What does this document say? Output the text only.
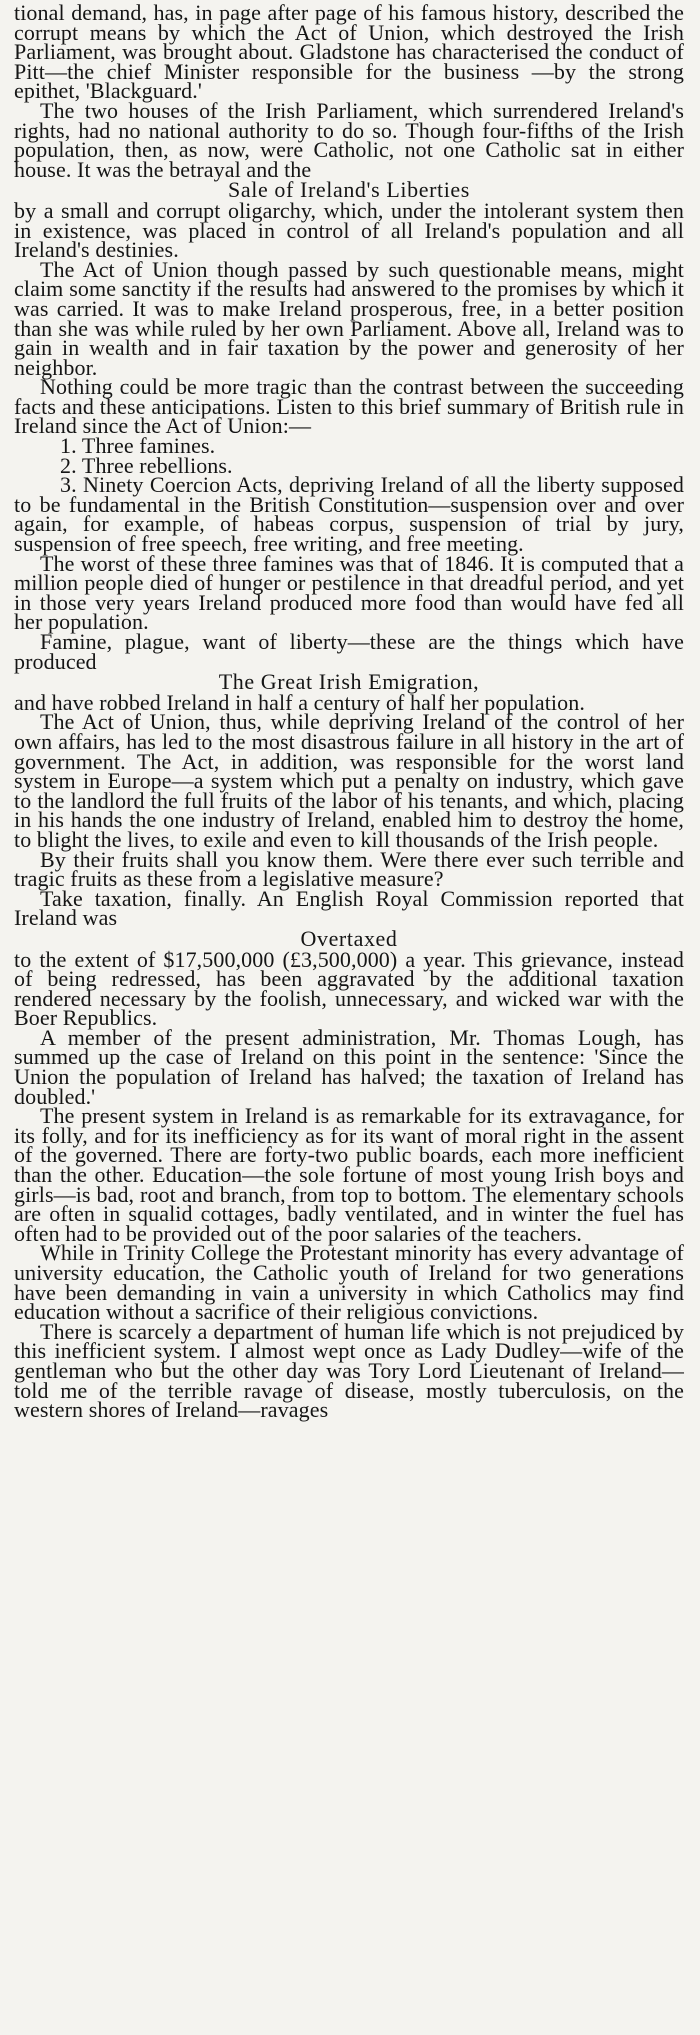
tional demand, has, in page after page of his famous history, described the corrupt means by which the Act of Union, which destroyed the Irish Parliament, was brought about. Gladstone has characterised the conduct of Pitt—the chief Minister responsible for the business —by the strong epithet, 'Blackguard.'

The two houses of the Irish Parliament, which surrendered Ireland's rights, had no national authority to do so. Though four-fifths of the Irish population, then, as now, were Catholic, not one Catholic sat in either house. It was the betrayal and the

Sale of Ireland's Liberties

by a small and corrupt oligarchy, which, under the intolerant system then in existence, was placed in control of all Ireland's population and all Ireland's destinies.

The Act of Union though passed by such questionable means, might claim some sanctity if the results had answered to the promises by which it was carried. It was to make Ireland prosperous, free, in a better position than she was while ruled by her own Parliament. Above all, Ireland was to gain in wealth and in fair taxation by the power and generosity of her neighbor.

Nothing could be more tragic than the contrast between the succeeding facts and these anticipations. Listen to this brief summary of British rule in Ireland since the Act of Union:—

1. Three famines.

2. Three rebellions.

3. Ninety Coercion Acts, depriving Ireland of all the liberty supposed to be fundamental in the British Constitution—suspension over and over again, for example, of habeas corpus, suspension of trial by jury, suspension of free speech, free writing, and free meeting.

The worst of these three famines was that of 1846. It is computed that a million people died of hunger or pestilence in that dreadful period, and yet in those very years Ireland produced more food than would have fed all her population.

Famine, plague, want of liberty—these are the things which have produced

The Great Irish Emigration,

and have robbed Ireland in half a century of half her population.

The Act of Union, thus, while depriving Ireland of the control of her own affairs, has led to the most disastrous failure in all history in the art of government. The Act, in addition, was responsible for the worst land system in Europe—a system which put a penalty on industry, which gave to the landlord the full fruits of the labor of his tenants, and which, placing in his hands the one industry of Ireland, enabled him to destroy the home, to blight the lives, to exile and even to kill thousands of the Irish people.

By their fruits shall you know them. Were there ever such terrible and tragic fruits as these from a legislative measure?

Take taxation, finally. An English Royal Commission reported that Ireland was

Overtaxed

to the extent of $17,500,000 (£3,500,000) a year. This grievance, instead of being redressed, has been aggravated by the additional taxation rendered necessary by the foolish, unnecessary, and wicked war with the Boer Republics.

A member of the present administration, Mr. Thomas Lough, has summed up the case of Ireland on this point in the sentence: 'Since the Union the population of Ireland has halved; the taxation of Ireland has doubled.'

The present system in Ireland is as remarkable for its extravagance, for its folly, and for its inefficiency as for its want of moral right in the assent of the governed. There are forty-two public boards, each more inefficient than the other. Education—the sole fortune of most young Irish boys and girls—is bad, root and branch, from top to bottom. The elementary schools are often in squalid cottages, badly ventilated, and in winter the fuel has often had to be provided out of the poor salaries of the teachers.

While in Trinity College the Protestant minority has every advantage of university education, the Catholic youth of Ireland for two generations have been demanding in vain a university in which Catholics may find education without a sacrifice of their religious convictions.

There is scarcely a department of human life which is not prejudiced by this inefficient system. I almost wept once as Lady Dudley—wife of the gentleman who but the other day was Tory Lord Lieutenant of Ireland—told me of the terrible ravage of disease, mostly tuberculosis, on the western shores of Ireland—ravages
